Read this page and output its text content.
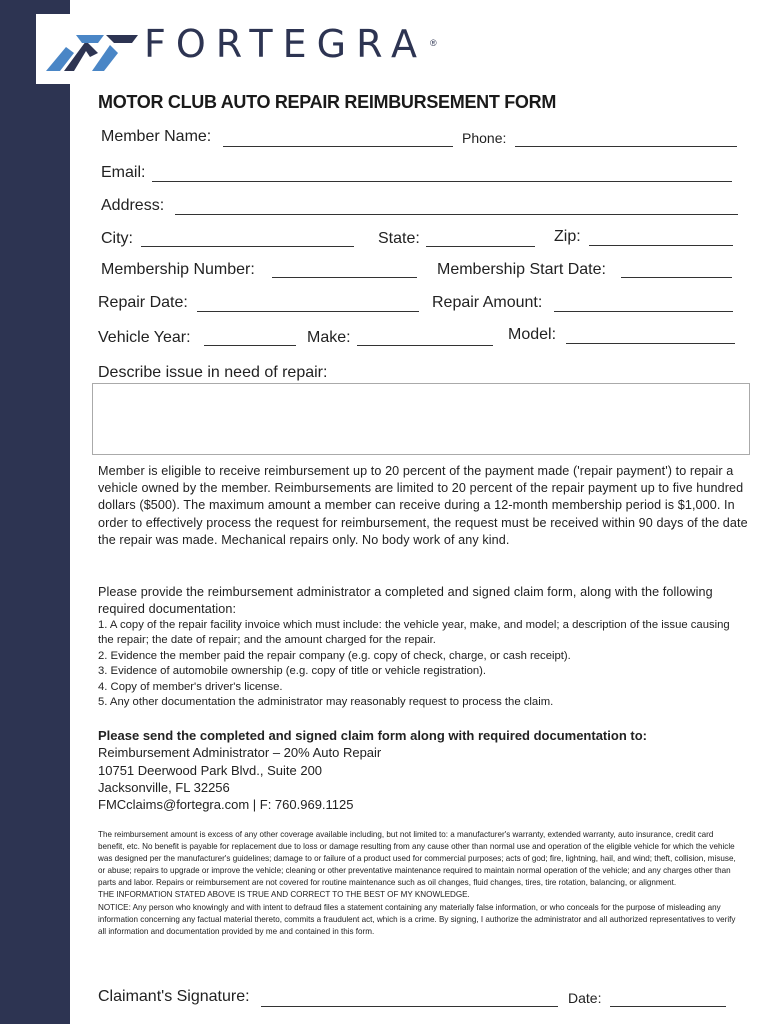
FORTEGRA ®
MOTOR CLUB AUTO REPAIR REIMBURSEMENT FORM
Member Name:	Phone:
Email:
Address:
City:	State:	Zip:
Membership Number:	Membership Start Date:
Repair Date:	Repair Amount:
Vehicle Year:	Make:	Model:
Describe issue in need of repair:

Member is eligible to receive reimbursement up to 20 percent of the payment made ('repair payment') to repair a vehicle owned by the member. Reimbursements are limited to 20 percent of the repair payment up to five hundred dollars ($500). The maximum amount a member can receive during a 12-month membership period is $1,000. In order to effectively process the request for reimbursement, the request must be received within 90 days of the date the repair was made. Mechanical repairs only. No body work of any kind.

Please provide the reimbursement administrator a completed and signed claim form, along with the following required documentation:

1. A copy of the repair facility invoice which must include: the vehicle year, make, and model; a description of the issue causing the repair; the date of repair; and the amount charged for the repair.
2. Evidence the member paid the repair company (e.g. copy of check, charge, or cash receipt).
3. Evidence of automobile ownership (e.g. copy of title or vehicle registration).
4. Copy of member's driver's license.
5. Any other documentation the administrator may reasonably request to process the claim.
Please send the completed and signed claim form along with required documentation to:
Reimbursement Administrator – 20% Auto Repair
10751 Deerwood Park Blvd., Suite 200
Jacksonville, FL 32256
FMCclaims@fortegra.com | F: 760.969.1125
The reimbursement amount is excess of any other coverage available including, but not limited to: a manufacturer's warranty, extended warranty, auto insurance, credit card benefit, etc. No benefit is payable for replacement due to loss or damage resulting from any cause other than normal use and operation of the eligible vehicle for which the vehicle was designed per the manufacturer's guidelines; damage to or failure of a product used for commercial purposes; acts of god; fire, lightning, hail, and wind; theft, collision, misuse, or abuse; repairs to upgrade or improve the vehicle; cleaning or other preventative maintenance required to maintain normal operation of the vehicle; and any charges other than parts and labor. Repairs or reimbursement are not covered for routine maintenance such as oil changes, fluid changes, tires, tire rotation, balancing, or alignment.
THE INFORMATION STATED ABOVE IS TRUE AND CORRECT TO THE BEST OF MY KNOWLEDGE.
NOTICE: Any person who knowingly and with intent to defraud files a statement containing any materially false information, or who conceals for the purpose of misleading any information concerning any factual material thereto, commits a fraudulent act, which is a crime. By signing, I authorize the administrator and all authorized representatives to verify all information and documentation provided by me and contained in this form.
Claimant's Signature:	Date:
